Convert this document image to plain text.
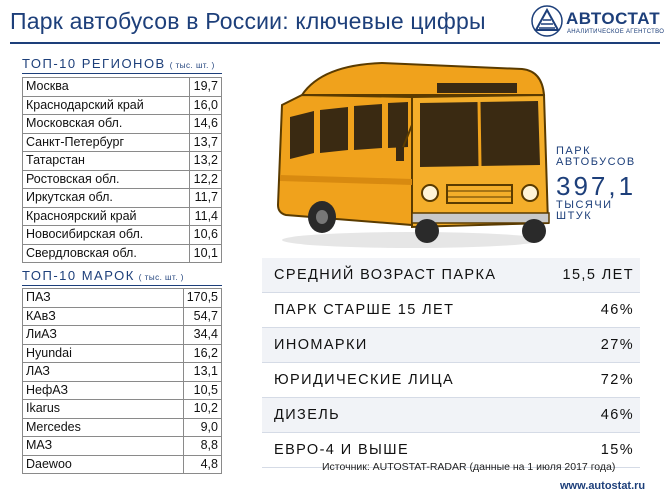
Парк автобусов в России: ключевые цифры	АВТОСТАТ
АНАЛИТИЧЕСКОЕ АГЕНТСТВО
ТОП-10 РЕГИОНОВ ( тыс. шт. )
Москва	19,7
Краснодарский край	16,0
Московская обл.	14,6
Санкт-Петербург	13,7
Татарстан	13,2
Ростовская обл.	12,2
Иркутская обл.	11,7
Красноярский край	11,4
Новосибирская обл.	10,6
Свердловская обл.	10,1
ТОП-10 МАРОК ( тыс. шт. )
ПАЗ	170,5
КАвЗ	54,7
ЛиАЗ	34,4
Hyundai	16,2
ЛАЗ	13,1
НефАЗ	10,5
Ikarus	10,2
Mercedes	9,0
МАЗ	8,8
Daewoo	4,8
ПАРК
АВТОБУСОВ
397,1
ТЫСЯЧИ
ШТУК
СРЕДНИЙ ВОЗРАСТ ПАРКА	15,5 ЛЕТ
ПАРК СТАРШЕ 15 ЛЕТ	46%
ИНОМАРКИ	27%
ЮРИДИЧЕСКИЕ ЛИЦА	72%
ДИЗЕЛЬ	46%
ЕВРО-4 И ВЫШЕ	15%
Источник: AUTOSTAT-RADAR (данные на 1 июля 2017 года)
www.autostat.ru
